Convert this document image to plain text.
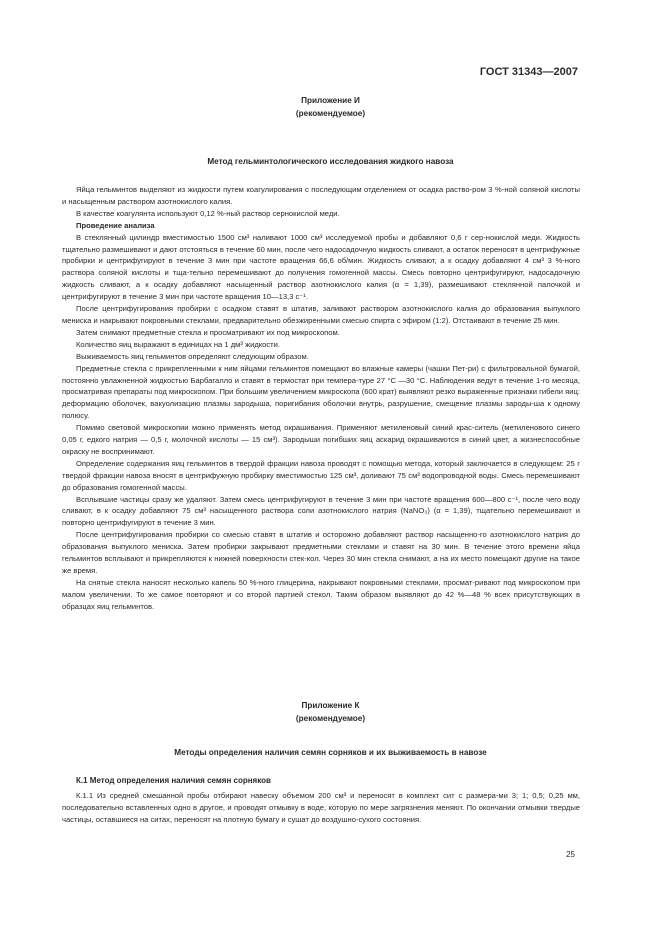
ГОСТ 31343—2007
Приложение И
(рекомендуемое)
Метод гельминтологического исследования жидкого навоза

Яйца гельминтов выделяют из жидкости путем коагулирования с последующим отделением от осадка раство-ром 3 %-ной соляной кислоты и насыщенным раствором азотнокислого калия.

В качестве коагулянта используют 0,12 %-ный раствор сернокислой меди.

Проведение анализа

В стеклянный цилиндр вместимостью 1500 см³ наливают 1000 см³ исследуемой пробы и добавляют 0,6 г сер-нокислой меди. Жидкость тщательно размешивают и дают отстояться в течение 60 мин, после чего надосадочную жидкость сливают, а остаток переносят в центрифужные пробирки и центрифугируют в течение 3 мин при частоте вращения 66,6 об/мин. Жидкость сливают, а к осадку добавляют 4 см³ 3 %-ного раствора соляной кислоты и тща-тельно перемешивают до получения гомогенной массы. Смесь повторно центрифугируют, надосадочную жидкость сливают, а к осадку добавляют насыщенный раствор азотнокислого калия (α = 1,39), размешивают стеклянной палочкой и центрифугируют в течение 3 мин при частоте вращения 10—13,3 с⁻¹.

После центрифугирования пробирки с осадком ставят в штатив, заливают раствором азотнокислого калия до образования выпуклого мениска и накрывают покровными стеклами, предварительно обезжиренными смесью спирта с эфиром (1:2). Отстаивают в течение 25 мин.

Затем снимают предметные стекла и просматривают их под микроскопом.

Количество яиц выражают в единицах на 1 дм³ жидкости.

Выживаемость яиц гельминтов определяют следующим образом.

Предметные стекла с прикрепленными к ним яйцами гельминтов помещают во влажные камеры (чашки Пет-ри) с фильтровальной бумагой, постоянно увлажненной жидкостью Барбагалло и ставят в термостат при темпера-туре 27 °С —30 °С. Наблюдения ведут в течение 1-го месяца, просматривая препараты под микроскопом. При большим увеличением микроскопа (600 крат) выявляют резко выраженные признаки гибели яиц: деформацию оболочек, вакуолизацию плазмы зародыша, поригибания оболочки внутрь, разрушение, смещение плазмы зароды-ша к одному полюсу.

Помимо световой микроскопии можно применять метод окрашивания. Применяют метиленовый синий крас-ситель (метиленового синего 0,05 г, едкого натрия — 0,5 г, молочной кислоты — 15 см³). Зародыши погибших яиц аскарид окрашиваются в синий цвет, а жизнеспособные окраску не воспринимают.

Определение содержания яиц гельминтов в твердой фракции навоза проводят с помощью метода, который заключается в следующем: 25 г твердой фракции навоза вносят в центрифужную пробирку вместимостью 125 см³, доливают 75 см³ водопроводной воды. Смесь перемешивают до образования гомогенной массы.

Всплывшие частицы сразу же удаляют. Затем смесь центрифугируют в течение 3 мин при частоте вращения 600—800 с⁻¹, после чего воду сливают, в к осадку добавляют 75 см³ насыщенного раствора соли азотнокислого натрия (NaNO₃) (α = 1,39), тщательно перемешивают и повторно центрифугируют в течение 3 мин.

После центрифугирования пробирки со смесью ставят в штатив и осторожно добавляют раствор насыщенно-го азотнокислого натрия до образования выпуклого мениска. Затем пробирки закрывают предметными стеклами и ставят на 30 мин. В течение этого времени яйца гельминтов всплывают и прикрепляются к нижней поверхности стек-кол. Через 30 мин стекла снимают, а на их место помещают другие на такое же время.

На снятые стекла наносят несколько капель 50 %-ного глицерина, накрывают покровными стеклами, просмат-ривают под микроскопом при малом увеличении. То же самое повторяют и со второй партией стекол. Таким образом выявляют до 42 %—48 % всех присутствующих в образцах яиц гельминтов.

Приложение К
(рекомендуемое)
Методы определения наличия семян сорняков и их выживаемость в навозе
К.1 Метод определения наличия семян сорняков

К.1.1 Из средней смешанной пробы отбирают навеску объемом 200 см³ и переносят в комплект сит с размера-ми 3; 1; 0,5; 0,25 мм, последовательно вставленных одно в другое, и проводят отмывку в воде, которую по мере загрязнения меняют. По окончании отмывки твердые частицы, оставшиеся на ситах, переносят на плотную бумагу и сушат до воздушно-сухого состояния.

25
